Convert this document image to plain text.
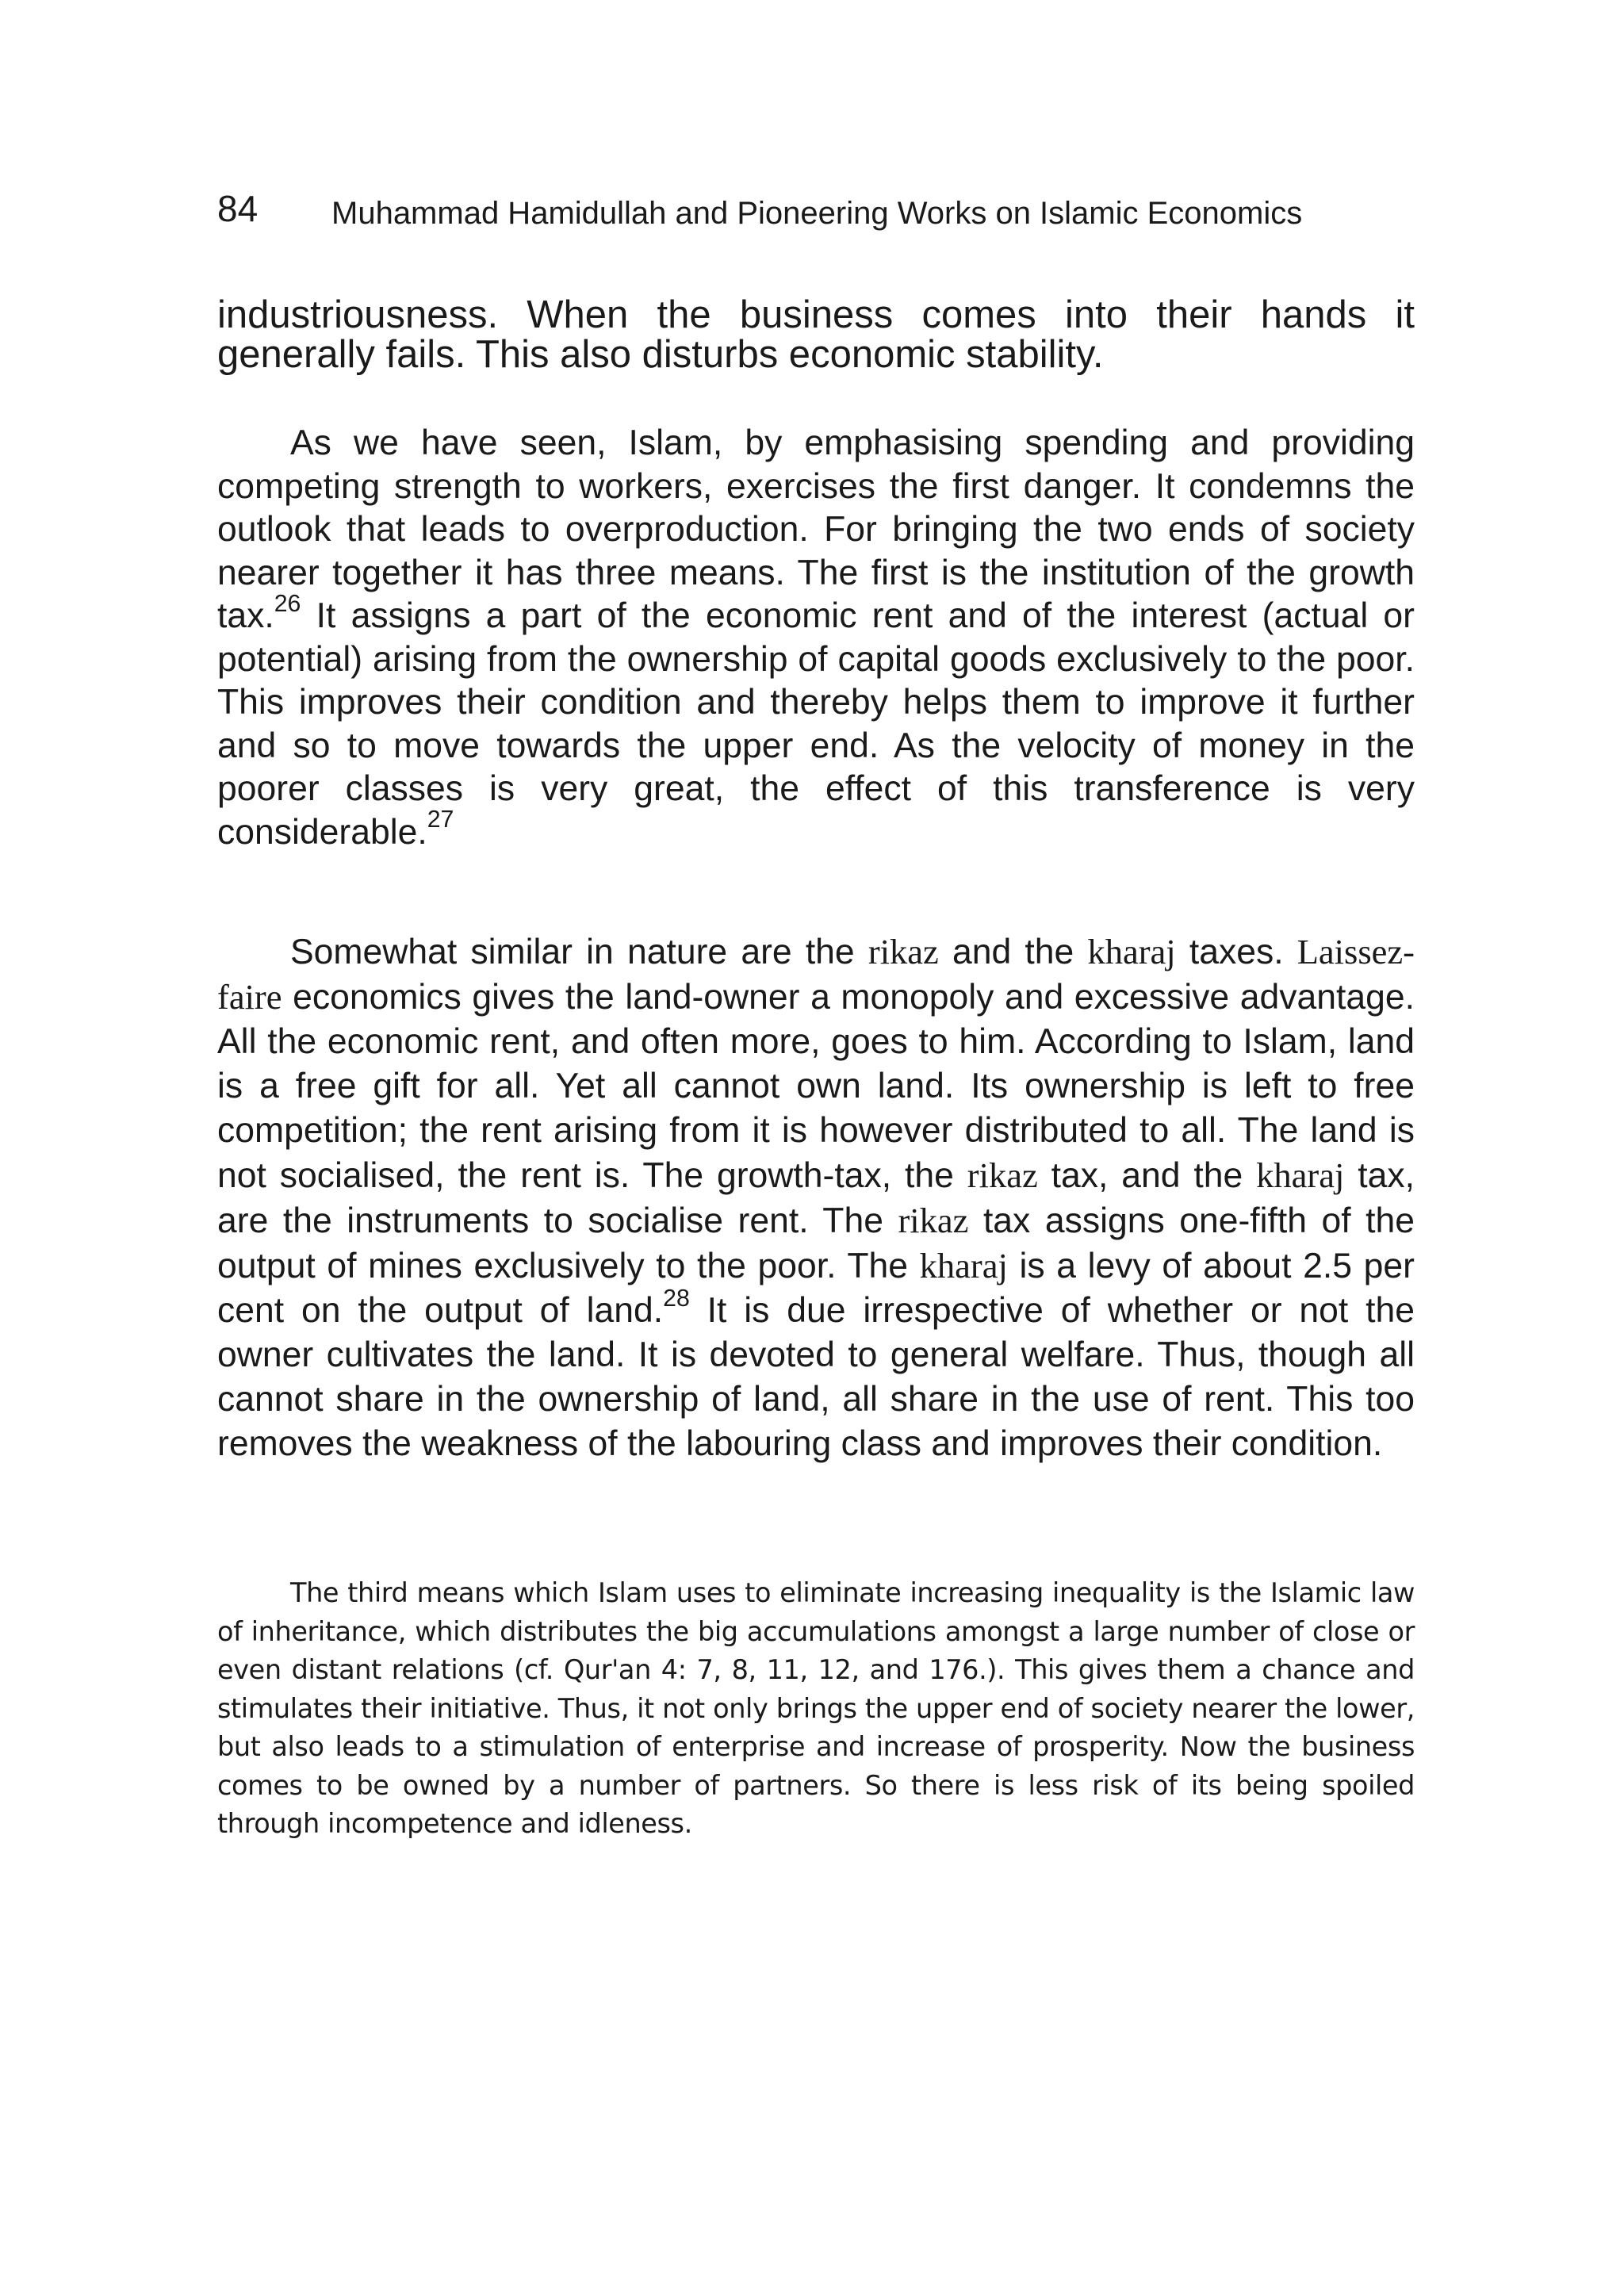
84 Muhammad Hamidullah and Pioneering Works on Islamic Economics

industriousness. When the business comes into their hands it generally fails. This also disturbs economic stability.

As we have seen, Islam, by emphasising spending and providing competing strength to workers, exercises the first danger. It condemns the outlook that leads to overproduction. For bringing the two ends of society nearer together it has three means. The first is the institution of the growth tax.$^{26}$ It assigns a part of the economic rent and of the interest (actual or potential) arising from the ownership of capital goods exclusively to the poor. This improves their condition and thereby helps them to improve it further and so to move towards the upper end. As the velocity of money in the poorer classes is very great, the effect of this transference is very considerable.$^{27}$

Somewhat similar in nature are the rikaz and the kharaj taxes. Laissez-faire economics gives the land-owner a monopoly and excessive advantage. All the economic rent, and often more, goes to him. According to Islam, land is a free gift for all. Yet all cannot own land. Its ownership is left to free competition; the rent arising from it is however distributed to all. The land is not socialised, the rent is. The growth-tax, the rikaz tax, and the kharaj tax, are the instruments to socialise rent. The rikaz tax assigns one-fifth of the output of mines exclusively to the poor. The kharaj is a levy of about 2.5 per cent on the output of land.$^{28}$ It is due irrespective of whether or not the owner cultivates the land. It is devoted to general welfare. Thus, though all cannot share in the ownership of land, all share in the use of rent. This too removes the weakness of the labouring class and improves their condition.

The third means which Islam uses to eliminate increasing inequality is the Islamic law of inheritance, which distributes the big accumulations amongst a large number of close or even distant relations (cf. Qur'an 4: 7, 8, 11, 12, and 176.). This gives them a chance and stimulates their initiative. Thus, it not only brings the upper end of society nearer the lower, but also leads to a stimulation of enterprise and increase of prosperity. Now the business comes to be owned by a number of partners. So there is less risk of its being spoiled through incompetence and idleness.
